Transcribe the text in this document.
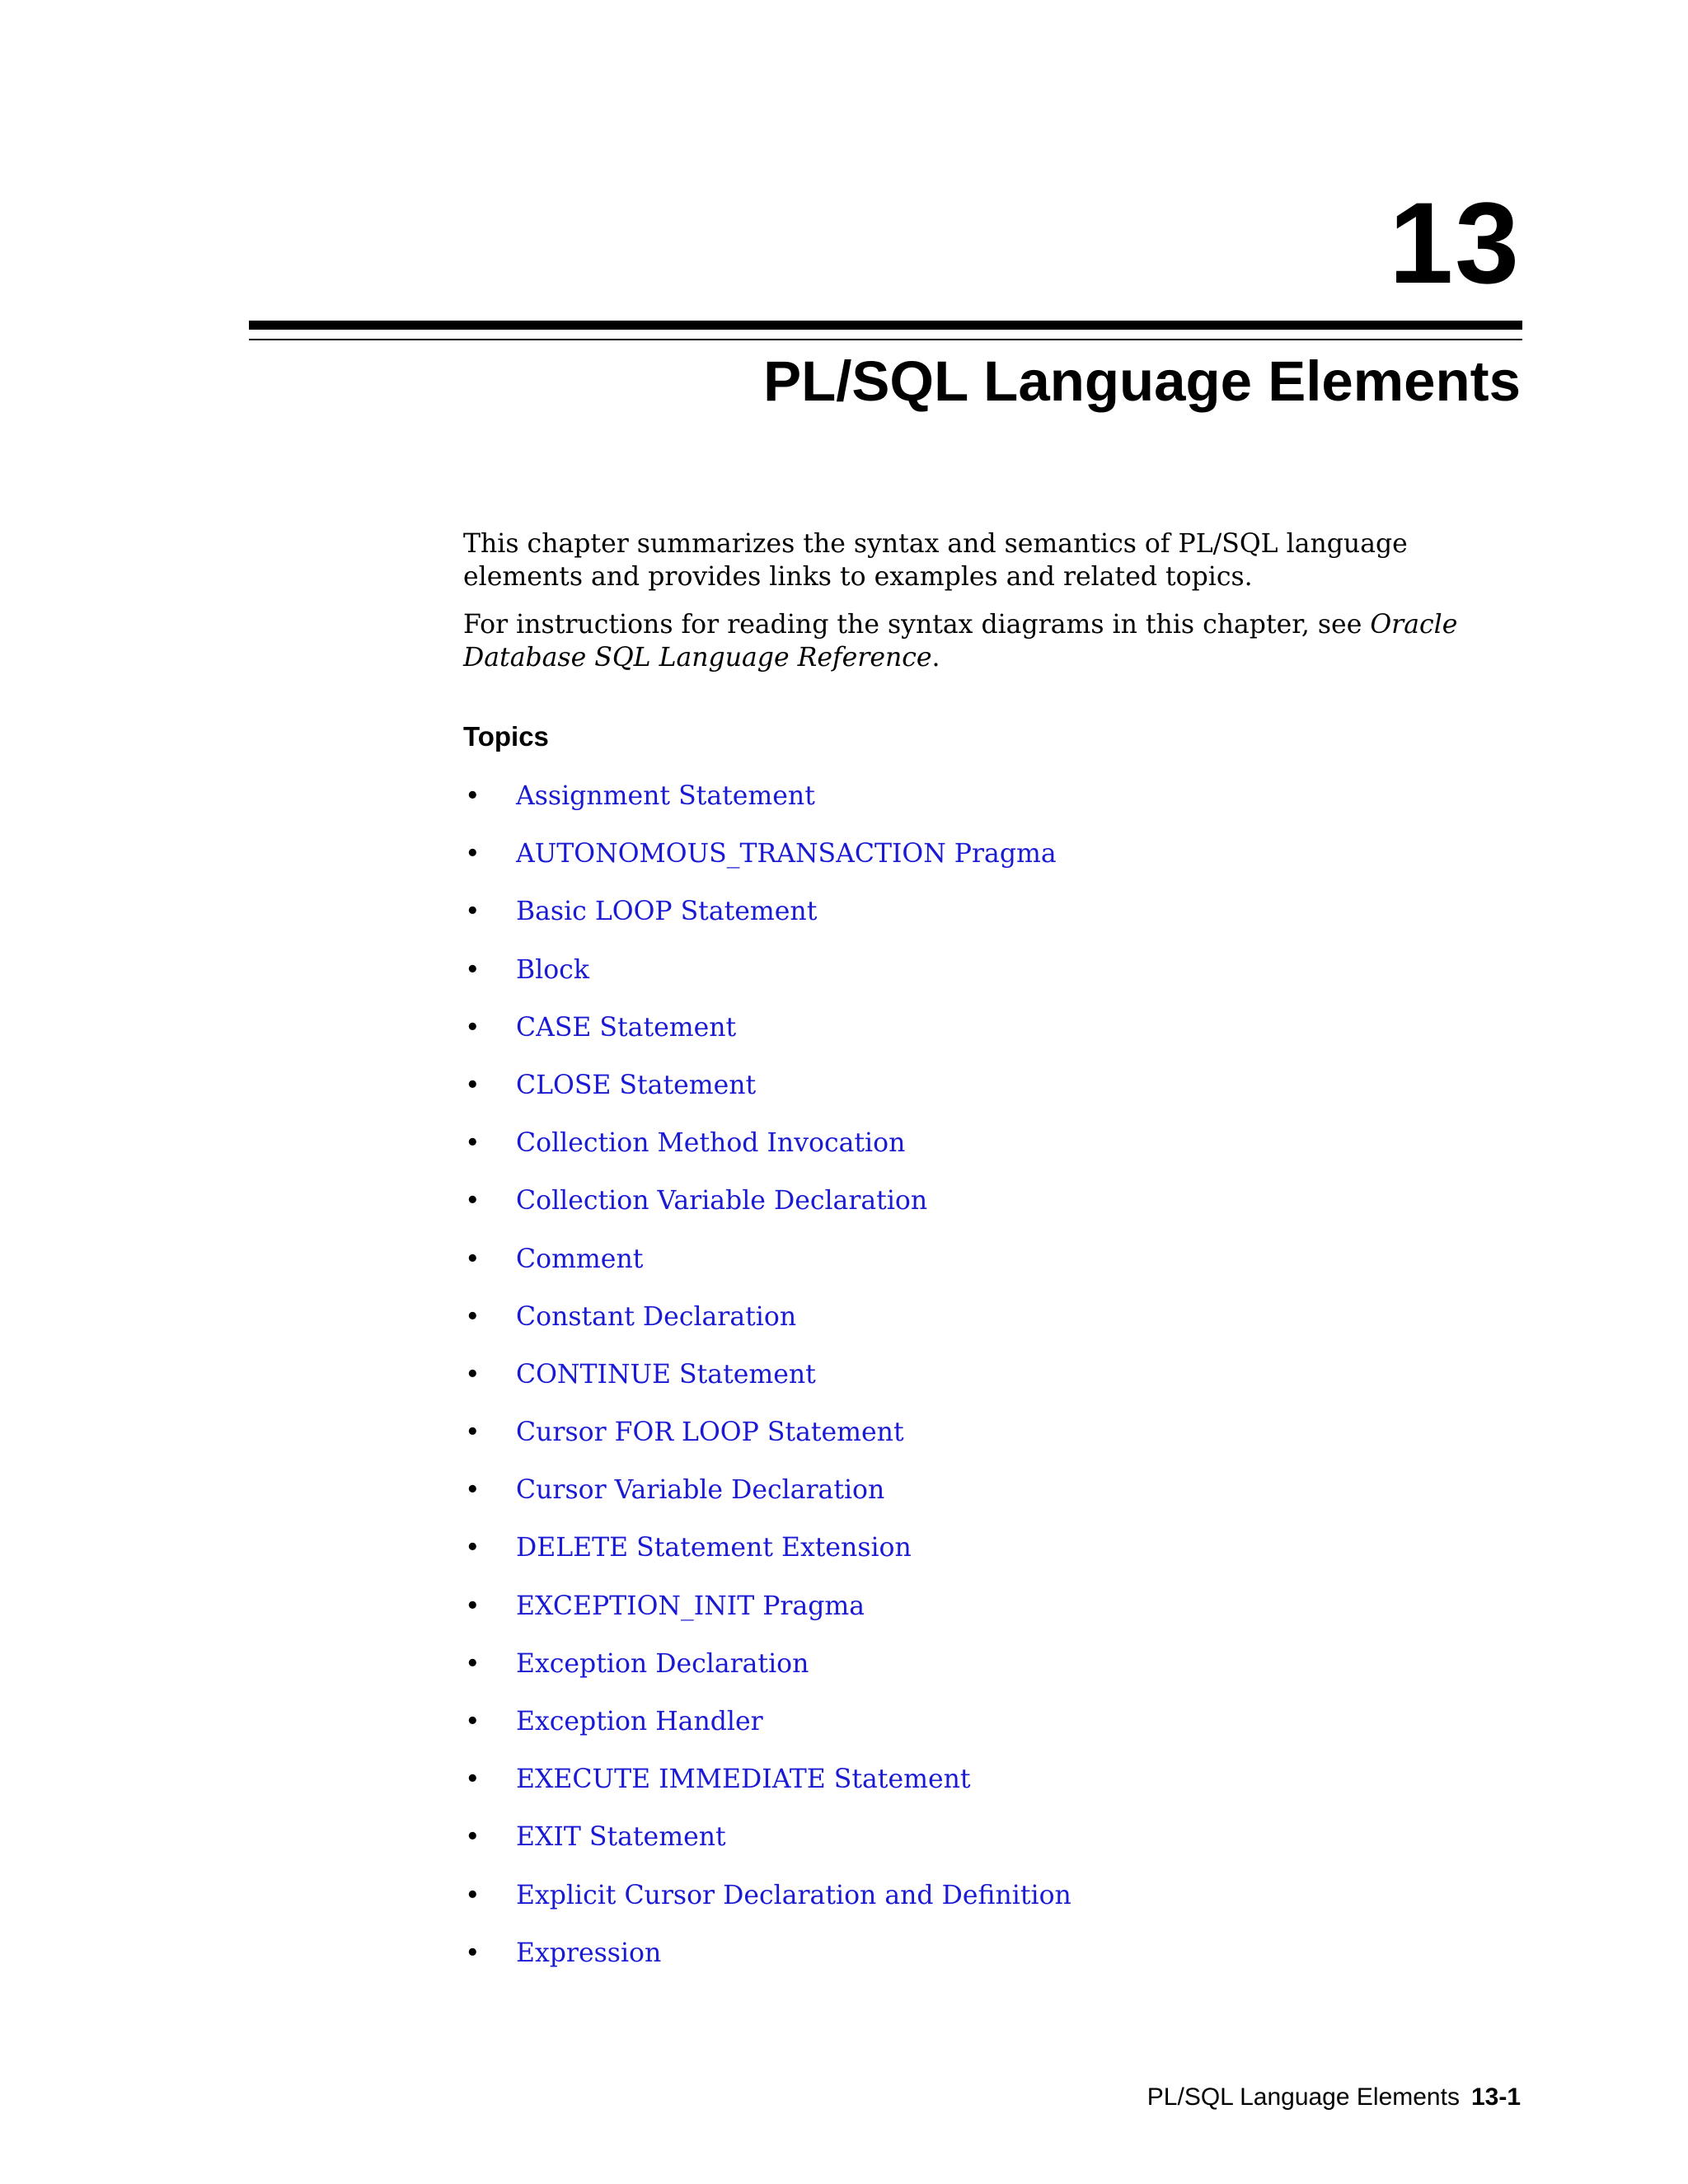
13
PL/SQL Language Elements

This chapter summarizes the syntax and semantics of PL/SQL language elements and provides links to examples and related topics.

For instructions for reading the syntax diagrams in this chapter, see Oracle Database SQL Language Reference.

Topics
• Assignment Statement
• AUTONOMOUS_TRANSACTION Pragma
• Basic LOOP Statement
• Block
• CASE Statement
• CLOSE Statement
• Collection Method Invocation
• Collection Variable Declaration
• Comment
• Constant Declaration
• CONTINUE Statement
• Cursor FOR LOOP Statement
• Cursor Variable Declaration
• DELETE Statement Extension
• EXCEPTION_INIT Pragma
• Exception Declaration
• Exception Handler
• EXECUTE IMMEDIATE Statement
• EXIT Statement
• Explicit Cursor Declaration and Definition
• Expression
PL/SQL Language Elements 13-1
